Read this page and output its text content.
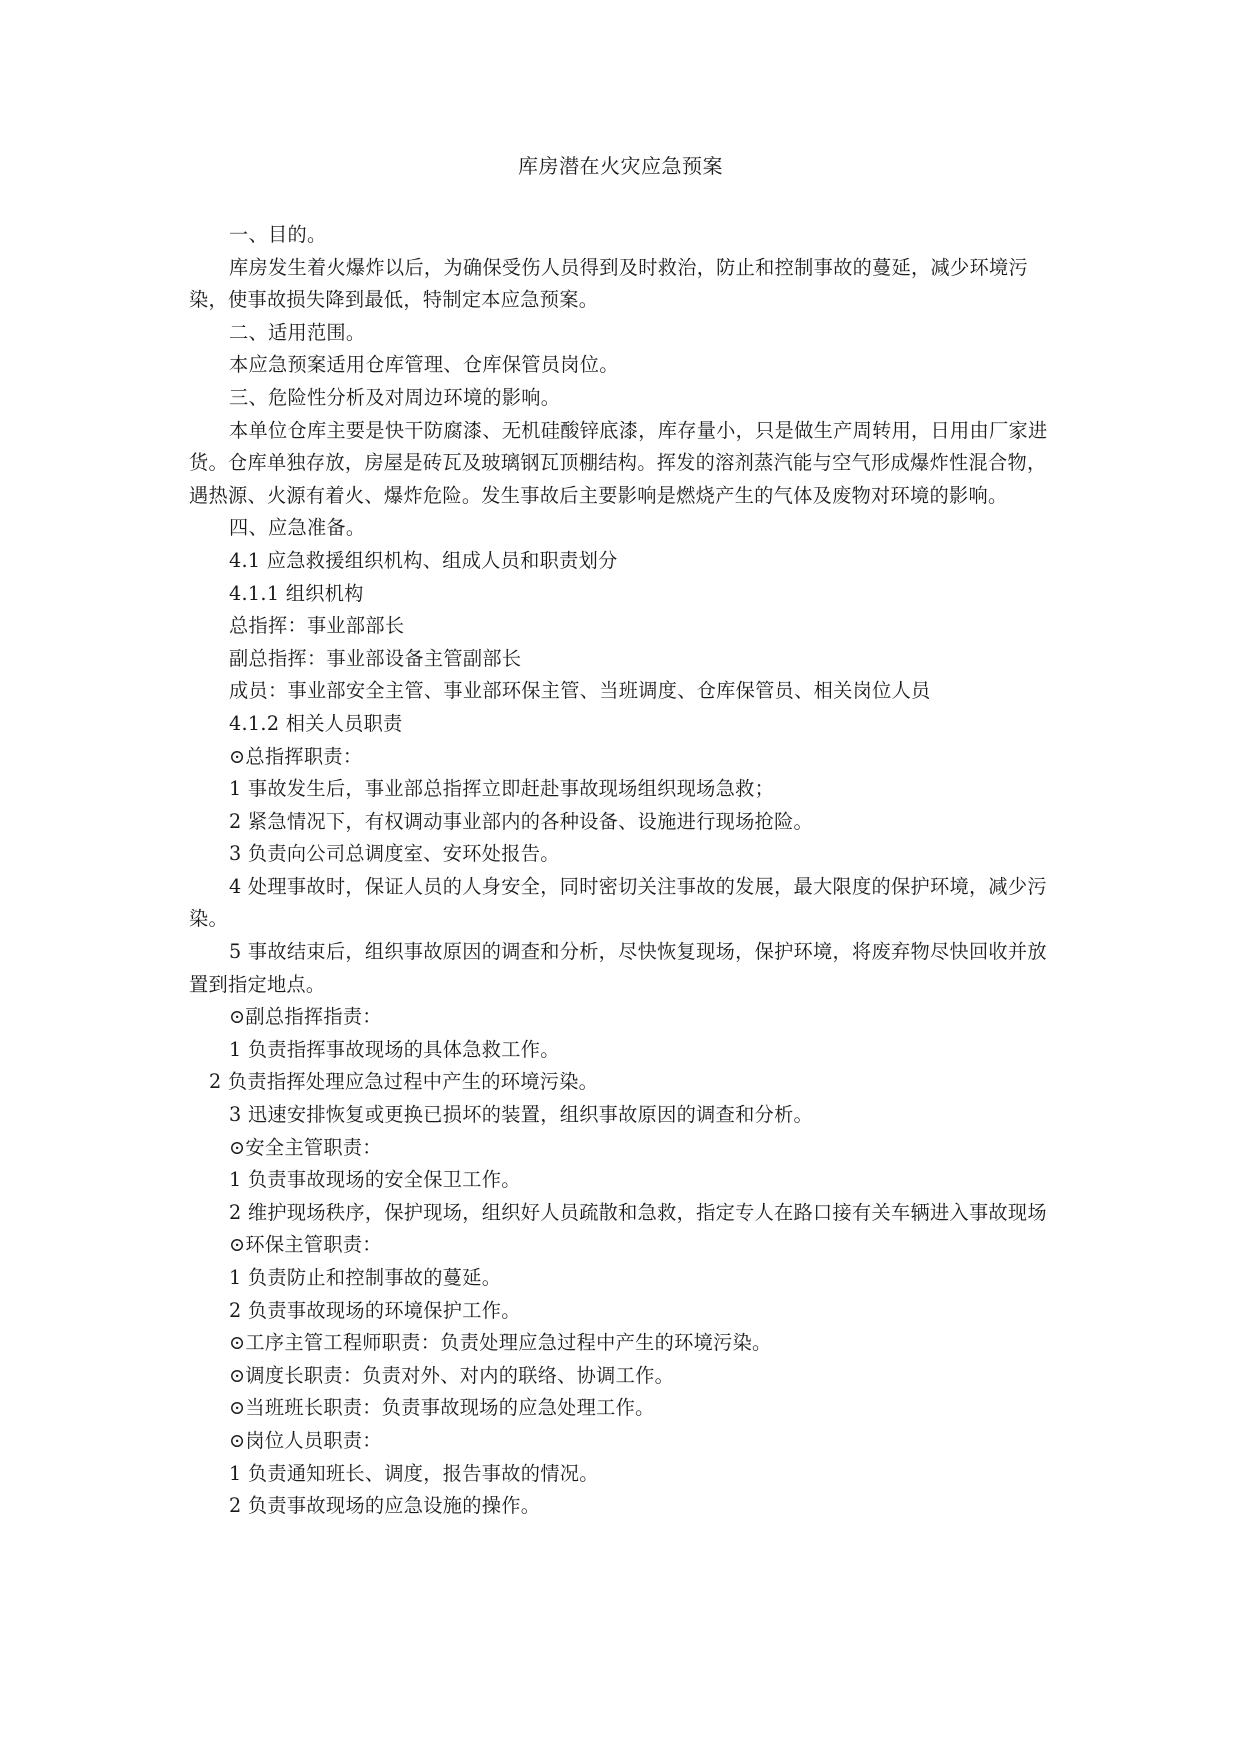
库房潜在火灾应急预案

一、目的。

库房发生着火爆炸以后，为确保受伤人员得到及时救治，防止和控制事故的蔓延，减少环境污染，使事故损失降到最低，特制定本应急预案。

二、适用范围。

本应急预案适用仓库管理、仓库保管员岗位。

三、危险性分析及对周边环境的影响。

本单位仓库主要是快干防腐漆、无机硅酸锌底漆，库存量小，只是做生产周转用，日用由厂家进货。仓库单独存放，房屋是砖瓦及玻璃钢瓦顶棚结构。挥发的溶剂蒸汽能与空气形成爆炸性混合物，遇热源、火源有着火、爆炸危险。发生事故后主要影响是燃烧产生的气体及废物对环境的影响。

四、应急准备。

4.1 应急救援组织机构、组成人员和职责划分

4.1.1 组织机构

总指挥：事业部部长

副总指挥：事业部设备主管副部长

成员：事业部安全主管、事业部环保主管、当班调度、仓库保管员、相关岗位人员

4.1.2 相关人员职责

⊙总指挥职责：

1 事故发生后，事业部总指挥立即赶赴事故现场组织现场急救；

2 紧急情况下，有权调动事业部内的各种设备、设施进行现场抢险。

3 负责向公司总调度室、安环处报告。

4 处理事故时，保证人员的人身安全，同时密切关注事故的发展，最大限度的保护环境，减少污染。

5 事故结束后，组织事故原因的调查和分析，尽快恢复现场，保护环境，将废弃物尽快回收并放置到指定地点。

⊙副总指挥指责：

1 负责指挥事故现场的具体急救工作。

2 负责指挥处理应急过程中产生的环境污染。

3 迅速安排恢复或更换已损坏的装置，组织事故原因的调查和分析。

⊙安全主管职责：

1 负责事故现场的安全保卫工作。

2 维护现场秩序，保护现场，组织好人员疏散和急救，指定专人在路口接有关车辆进入事故现场

⊙环保主管职责：

1 负责防止和控制事故的蔓延。

2 负责事故现场的环境保护工作。

⊙工序主管工程师职责：负责处理应急过程中产生的环境污染。

⊙调度长职责：负责对外、对内的联络、协调工作。

⊙当班班长职责：负责事故现场的应急处理工作。

⊙岗位人员职责：

1 负责通知班长、调度，报告事故的情况。

2 负责事故现场的应急设施的操作。
